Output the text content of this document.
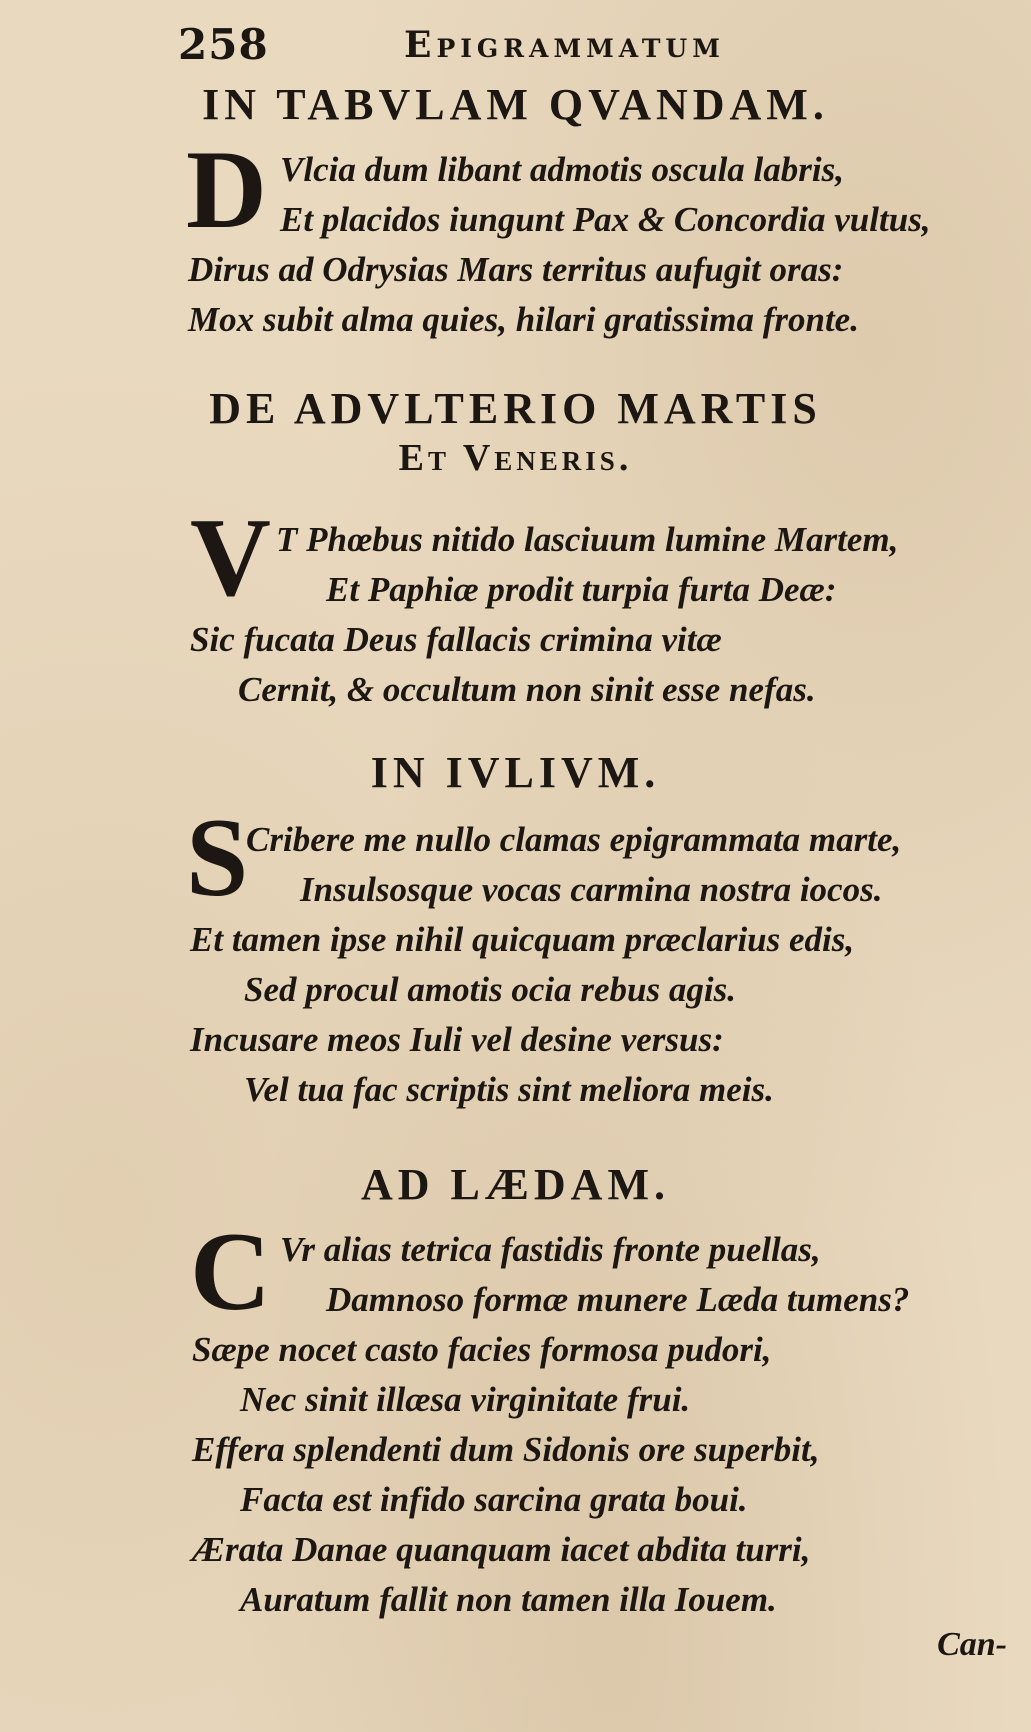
258	Epigrammatum
IN TABVLAM QVANDAM.
D Vlcia dum libant admotis oscula labris,
Et placidos iungunt Pax & Concordia vultus,
Dirus ad Odrysias Mars territus aufugit oras:
Mox subit alma quies, hilari gratissima fronte.
DE ADVLTERIO MARTIS
Et Veneris.
V T Phœbus nitido lasciuum lumine Martem,
Et Paphiæ prodit turpia furta Deæ:
Sic fucata Deus fallacis crimina vitæ
Cernit, & occultum non sinit esse nefas.
IN IVLIVM.
S
Cribere me nullo clamas epigrammata marte,
Insulsosque vocas carmina nostra iocos.
Et tamen ipse nihil quicquam præclarius edis,
Sed procul amotis ocia rebus agis.
Incusare meos Iuli vel desine versus:
Vel tua fac scriptis sint meliora meis.
AD LÆDAM.
C Vr alias tetrica fastidis fronte puellas,
Damnoso formæ munere Læda tumens?
Sæpe nocet casto facies formosa pudori,
Nec sinit illæsa virginitate frui.
Effera splendenti dum Sidonis ore superbit,
Facta est infido sarcina grata boui.
Ærata Danae quanquam iacet abdita turri,
Auratum fallit non tamen illa Iouem.
Can-
